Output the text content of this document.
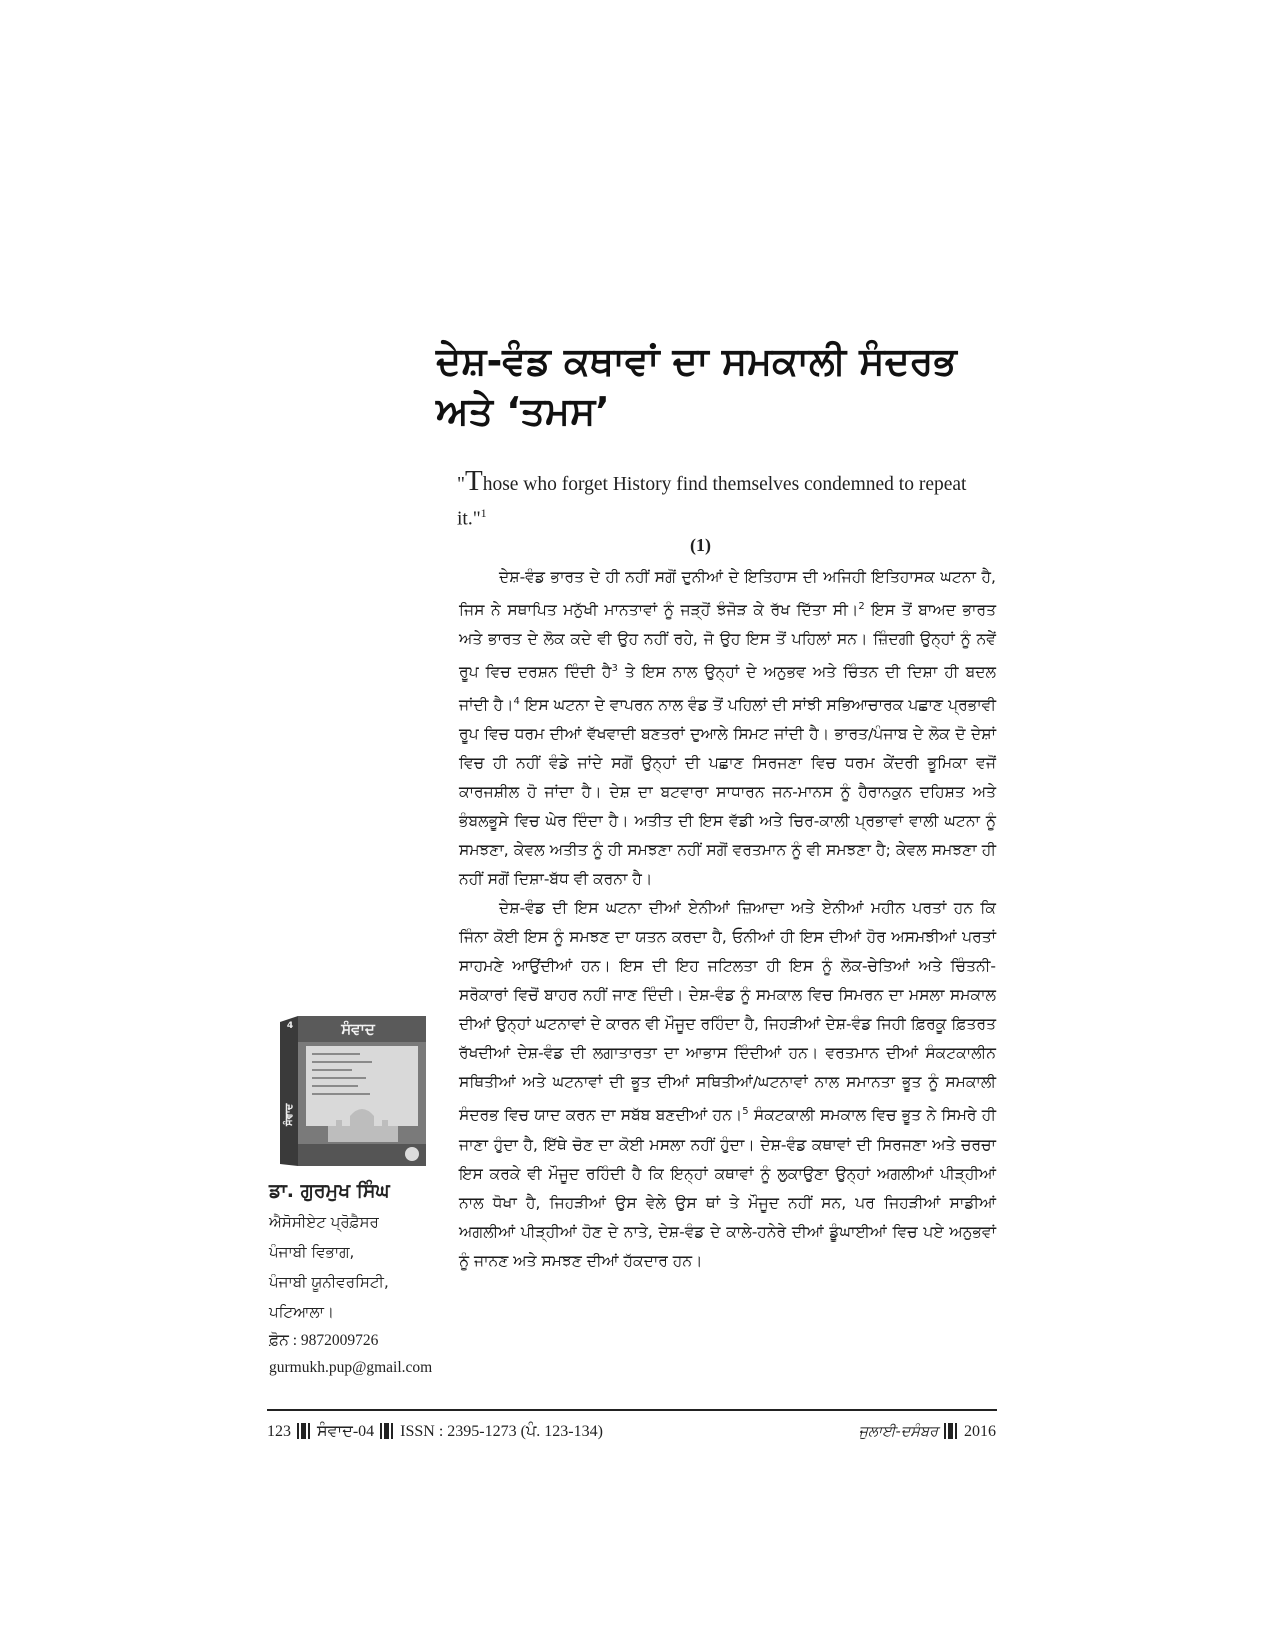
ਦੇਸ਼-ਵੰਡ ਕਥਾਵਾਂ ਦਾ ਸਮਕਾਲੀ ਸੰਦਰਭ
ਅਤੇ ‘ਤਮਸ’
"Those who forget History find themselves condemned to repeat it."$^1$
(1)

ਦੇਸ਼-ਵੰਡ ਭਾਰਤ ਦੇ ਹੀ ਨਹੀਂ ਸਗੋਂ ਦੁਨੀਆਂ ਦੇ ਇਤਿਹਾਸ ਦੀ ਅਜਿਹੀ ਇਤਿਹਾਸਕ ਘਟਨਾ ਹੈ, ਜਿਸ ਨੇ ਸਥਾਪਿਤ ਮਨੁੱਖੀ ਮਾਨਤਾਵਾਂ ਨੂੰ ਜੜ੍ਹੋਂ ਝੰਜੋੜ ਕੇ ਰੱਖ ਦਿੱਤਾ ਸੀ।$^2$ ਇਸ ਤੋਂ ਬਾਅਦ ਭਾਰਤ ਅਤੇ ਭਾਰਤ ਦੇ ਲੋਕ ਕਦੇ ਵੀ ਉਹ ਨਹੀਂ ਰਹੇ, ਜੋ ਉਹ ਇਸ ਤੋਂ ਪਹਿਲਾਂ ਸਨ। ਜ਼ਿੰਦਗੀ ਉਨ੍ਹਾਂ ਨੂੰ ਨਵੇਂ ਰੂਪ ਵਿਚ ਦਰਸ਼ਨ ਦਿੰਦੀ ਹੈ$^3$ ਤੇ ਇਸ ਨਾਲ ਉਨ੍ਹਾਂ ਦੇ ਅਨੁਭਵ ਅਤੇ ਚਿੰਤਨ ਦੀ ਦਿਸ਼ਾ ਹੀ ਬਦਲ ਜਾਂਦੀ ਹੈ।$^4$ ਇਸ ਘਟਨਾ ਦੇ ਵਾਪਰਨ ਨਾਲ ਵੰਡ ਤੋਂ ਪਹਿਲਾਂ ਦੀ ਸਾਂਝੀ ਸਭਿਆਚਾਰਕ ਪਛਾਣ ਪ੍ਰਭਾਵੀ ਰੂਪ ਵਿਚ ਧਰਮ ਦੀਆਂ ਵੱਖਵਾਦੀ ਬਣਤਰਾਂ ਦੁਆਲੇ ਸਿਮਟ ਜਾਂਦੀ ਹੈ। ਭਾਰਤ/ਪੰਜਾਬ ਦੇ ਲੋਕ ਦੋ ਦੇਸ਼ਾਂ ਵਿਚ ਹੀ ਨਹੀਂ ਵੰਡੇ ਜਾਂਦੇ ਸਗੋਂ ਉਨ੍ਹਾਂ ਦੀ ਪਛਾਣ ਸਿਰਜਣਾ ਵਿਚ ਧਰਮ ਕੇਂਦਰੀ ਭੂਮਿਕਾ ਵਜੋਂ ਕਾਰਜਸ਼ੀਲ ਹੋ ਜਾਂਦਾ ਹੈ। ਦੇਸ਼ ਦਾ ਬਟਵਾਰਾ ਸਾਧਾਰਨ ਜਨ-ਮਾਨਸ ਨੂੰ ਹੈਰਾਨਕੁਨ ਦਹਿਸ਼ਤ ਅਤੇ ਭੰਬਲਭੂਸੇ ਵਿਚ ਘੇਰ ਦਿੰਦਾ ਹੈ। ਅਤੀਤ ਦੀ ਇਸ ਵੱਡੀ ਅਤੇ ਚਿਰ-ਕਾਲੀ ਪ੍ਰਭਾਵਾਂ ਵਾਲੀ ਘਟਨਾ ਨੂੰ ਸਮਝਣਾ, ਕੇਵਲ ਅਤੀਤ ਨੂੰ ਹੀ ਸਮਝਣਾ ਨਹੀਂ ਸਗੋਂ ਵਰਤਮਾਨ ਨੂੰ ਵੀ ਸਮਝਣਾ ਹੈ; ਕੇਵਲ ਸਮਝਣਾ ਹੀ ਨਹੀਂ ਸਗੋਂ ਦਿਸ਼ਾ-ਬੱਧ ਵੀ ਕਰਨਾ ਹੈ।

ਦੇਸ਼-ਵੰਡ ਦੀ ਇਸ ਘਟਨਾ ਦੀਆਂ ਏਨੀਆਂ ਜ਼ਿਆਦਾ ਅਤੇ ਏਨੀਆਂ ਮਹੀਨ ਪਰਤਾਂ ਹਨ ਕਿ ਜਿੰਨਾ ਕੋਈ ਇਸ ਨੂੰ ਸਮਝਣ ਦਾ ਯਤਨ ਕਰਦਾ ਹੈ, ਓਨੀਆਂ ਹੀ ਇਸ ਦੀਆਂ ਹੋਰ ਅਸਮਝੀਆਂ ਪਰਤਾਂ ਸਾਹਮਣੇ ਆਉਂਦੀਆਂ ਹਨ। ਇਸ ਦੀ ਇਹ ਜਟਿਲਤਾ ਹੀ ਇਸ ਨੂੰ ਲੋਕ-ਚੇਤਿਆਂ ਅਤੇ ਚਿੰਤਨੀ-ਸਰੋਕਾਰਾਂ ਵਿਚੋਂ ਬਾਹਰ ਨਹੀਂ ਜਾਣ ਦਿੰਦੀ। ਦੇਸ਼-ਵੰਡ ਨੂੰ ਸਮਕਾਲ ਵਿਚ ਸਿਮਰਨ ਦਾ ਮਸਲਾ ਸਮਕਾਲ ਦੀਆਂ ਉਨ੍ਹਾਂ ਘਟਨਾਵਾਂ ਦੇ ਕਾਰਨ ਵੀ ਮੌਜੂਦ ਰਹਿੰਦਾ ਹੈ, ਜਿਹੜੀਆਂ ਦੇਸ਼-ਵੰਡ ਜਿਹੀ ਫ਼ਿਰਕੂ ਫ਼ਿਤਰਤ ਰੱਖਦੀਆਂ ਦੇਸ਼-ਵੰਡ ਦੀ ਲਗਾਤਾਰਤਾ ਦਾ ਆਭਾਸ ਦਿੰਦੀਆਂ ਹਨ। ਵਰਤਮਾਨ ਦੀਆਂ ਸੰਕਟਕਾਲੀਨ ਸਥਿਤੀਆਂ ਅਤੇ ਘਟਨਾਵਾਂ ਦੀ ਭੂਤ ਦੀਆਂ ਸਥਿਤੀਆਂ/ਘਟਨਾਵਾਂ ਨਾਲ ਸਮਾਨਤਾ ਭੂਤ ਨੂੰ ਸਮਕਾਲੀ ਸੰਦਰਭ ਵਿਚ ਯਾਦ ਕਰਨ ਦਾ ਸਬੱਬ ਬਣਦੀਆਂ ਹਨ।$^5$ ਸੰਕਟਕਾਲੀ ਸਮਕਾਲ ਵਿਚ ਭੂਤ ਨੇ ਸਿਮਰੇ ਹੀ ਜਾਣਾ ਹੁੰਦਾ ਹੈ, ਇੱਥੇ ਚੋਣ ਦਾ ਕੋਈ ਮਸਲਾ ਨਹੀਂ ਹੁੰਦਾ। ਦੇਸ਼-ਵੰਡ ਕਥਾਵਾਂ ਦੀ ਸਿਰਜਣਾ ਅਤੇ ਚਰਚਾ ਇਸ ਕਰਕੇ ਵੀ ਮੌਜੂਦ ਰਹਿੰਦੀ ਹੈ ਕਿ ਇਨ੍ਹਾਂ ਕਥਾਵਾਂ ਨੂੰ ਲੁਕਾਉਣਾ ਉਨ੍ਹਾਂ ਅਗਲੀਆਂ ਪੀੜ੍ਹੀਆਂ ਨਾਲ ਧੋਖਾ ਹੈ, ਜਿਹੜੀਆਂ ਉਸ ਵੇਲੇ ਉਸ ਥਾਂ ਤੇ ਮੌਜੂਦ ਨਹੀਂ ਸਨ, ਪਰ ਜਿਹੜੀਆਂ ਸਾਡੀਆਂ ਅਗਲੀਆਂ ਪੀੜ੍ਹੀਆਂ ਹੋਣ ਦੇ ਨਾਤੇ, ਦੇਸ਼-ਵੰਡ ਦੇ ਕਾਲੇ-ਹਨੇਰੇ ਦੀਆਂ ਡੂੰਘਾਈਆਂ ਵਿਚ ਪਏ ਅਨੁਭਵਾਂ ਨੂੰ ਜਾਨਣ ਅਤੇ ਸਮਝਣ ਦੀਆਂ ਹੱਕਦਾਰ ਹਨ।

ਸੰਵਾਦ
4
ਸੰਵਾਦ

ਡਾ. ਗੁਰਮੁਖ ਸਿੰਘ

ਐਸੋਸੀਏਟ ਪ੍ਰੋਫ਼ੈਸਰ

ਪੰਜਾਬੀ ਵਿਭਾਗ,

ਪੰਜਾਬੀ ਯੂਨੀਵਰਸਿਟੀ,

ਪਟਿਆਲਾ।

ਫ਼ੋਨ : 9872009726

gurmukh.pup@gmail.com

123 ਸੰਵਾਦ-04 ISSN : 2395-1273 (ਪੰ. 123-134)	ਜੁਲਾਈ-ਦਸੰਬਰ 2016
